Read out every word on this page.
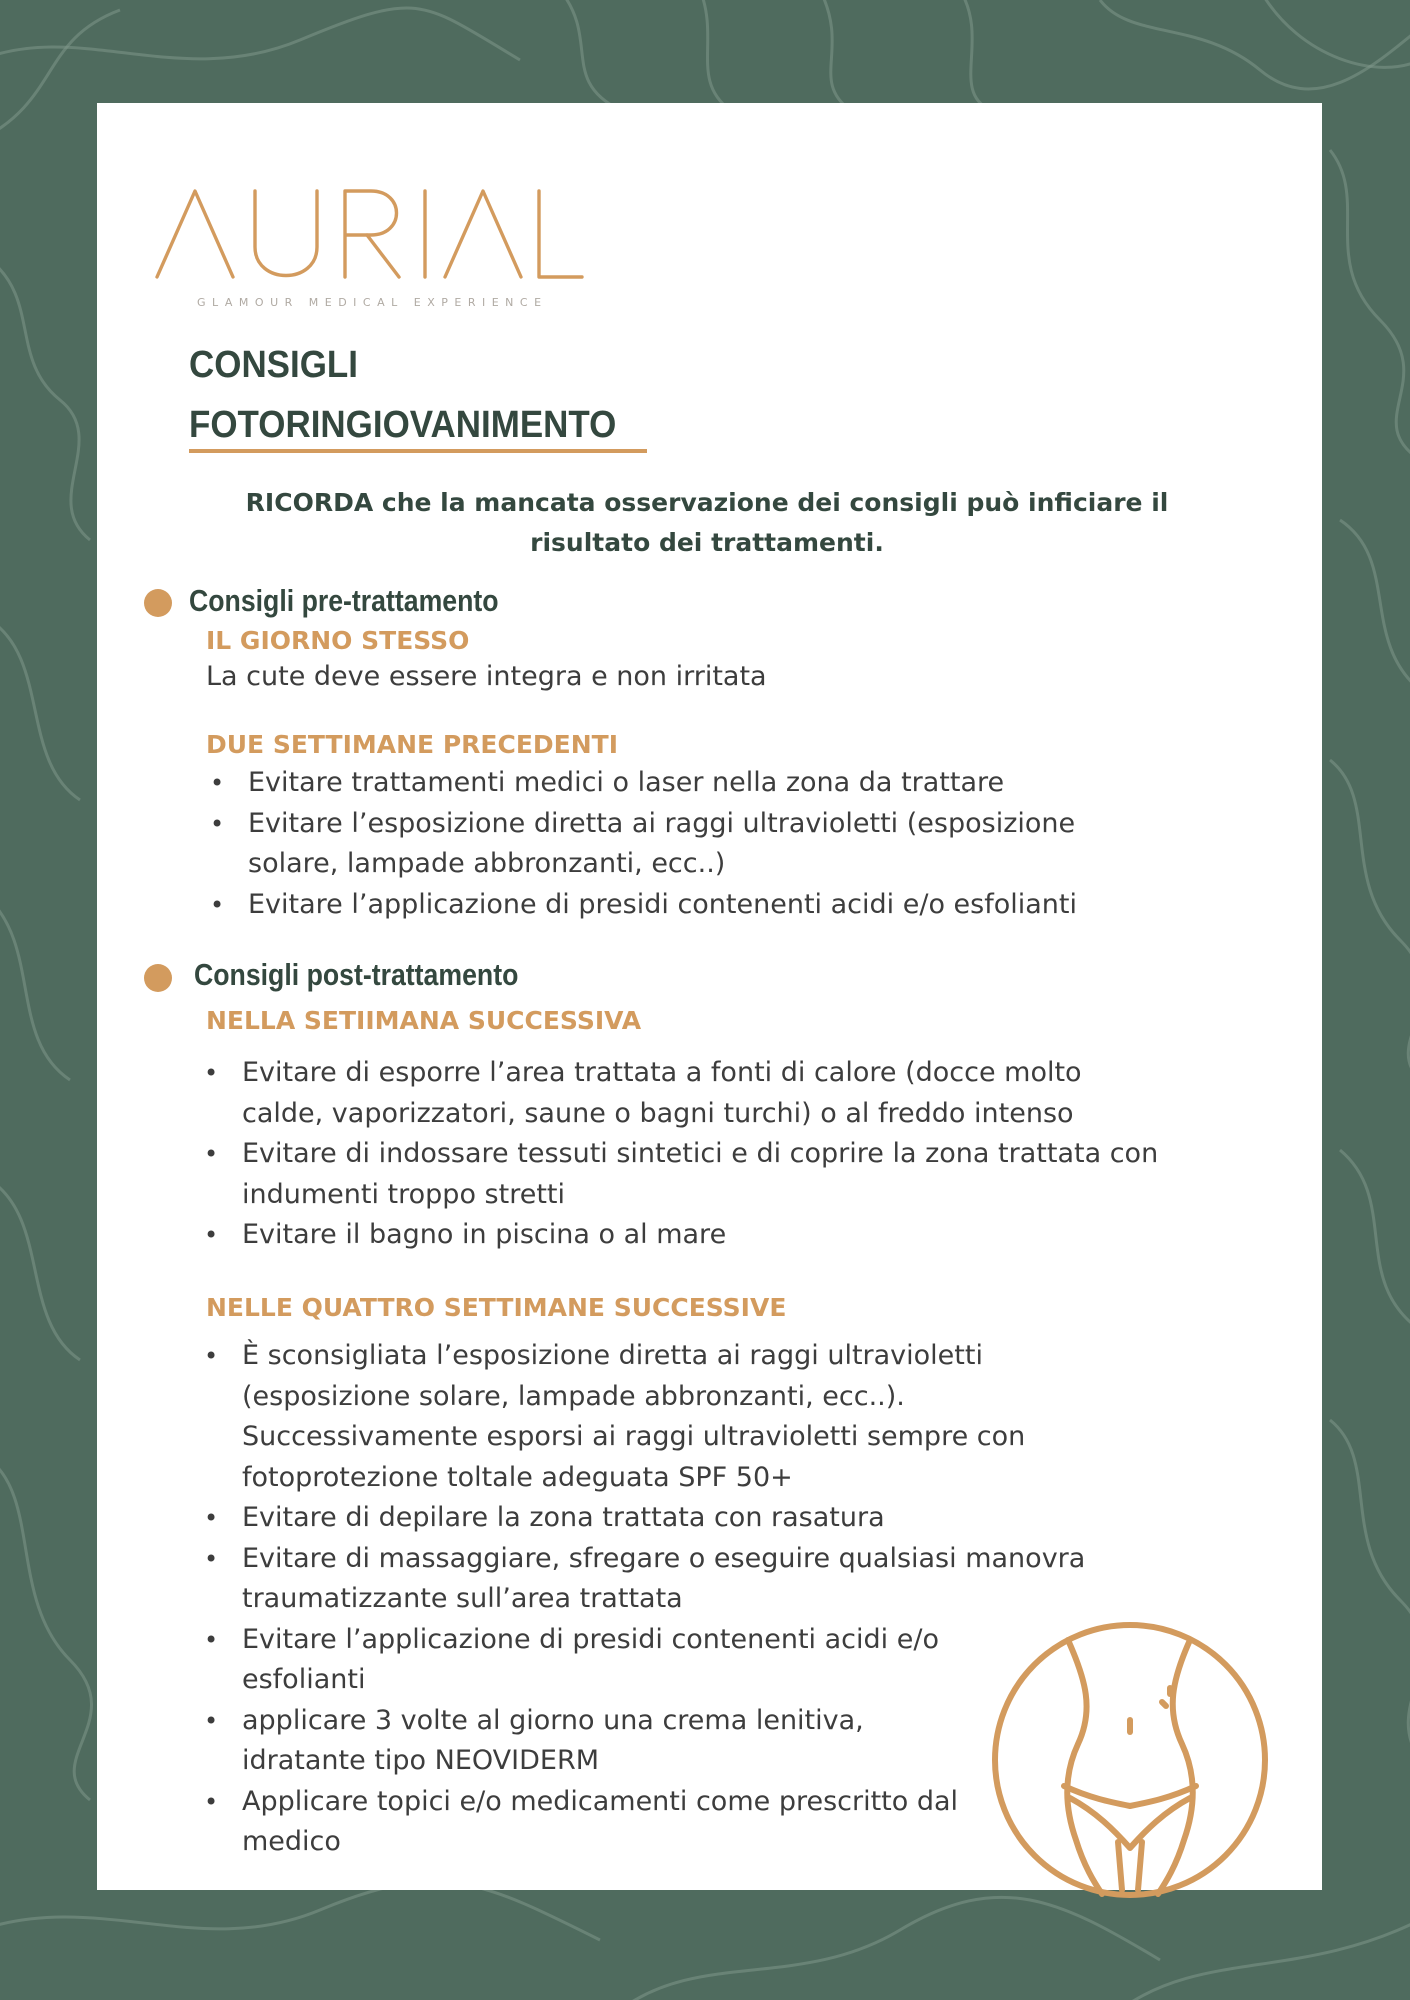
GLAMOUR MEDICAL EXPERIENCE
CONSIGLI
FOTORINGIOVANIMENTO
RICORDA che la mancata osservazione dei consigli può inficiare il risultato dei trattamenti.
Consigli pre-trattamento
IL GIORNO STESSO
La cute deve essere integra e non irritata
DUE SETTIMANE PRECEDENTI
• Evitare trattamenti medici o laser nella zona da trattare
• Evitare l’esposizione diretta ai raggi ultravioletti (esposizione solare, lampade abbronzanti, ecc..)
• Evitare l’applicazione di presidi contenenti acidi e/o esfolianti
Consigli post-trattamento
NELLA SETIIMANA SUCCESSIVA
• Evitare di esporre l’area trattata a fonti di calore (docce molto calde, vaporizzatori, saune o bagni turchi) o al freddo intenso
• Evitare di indossare tessuti sintetici e di coprire la zona trattata con indumenti troppo stretti
• Evitare il bagno in piscina o al mare
NELLE QUATTRO SETTIMANE SUCCESSIVE
• È sconsigliata l’esposizione diretta ai raggi ultravioletti (esposizione solare, lampade abbronzanti, ecc..). Successivamente esporsi ai raggi ultravioletti sempre con fotoprotezione toltale adeguata SPF 50+
• Evitare di depilare la zona trattata con rasatura
• Evitare di massaggiare, sfregare o eseguire qualsiasi manovra traumatizzante sull’area trattata
• Evitare l’applicazione di presidi contenenti acidi e/o esfolianti
• applicare 3 volte al giorno una crema lenitiva, idratante tipo NEOVIDERM
• Applicare topici e/o medicamenti come prescritto dal medico
